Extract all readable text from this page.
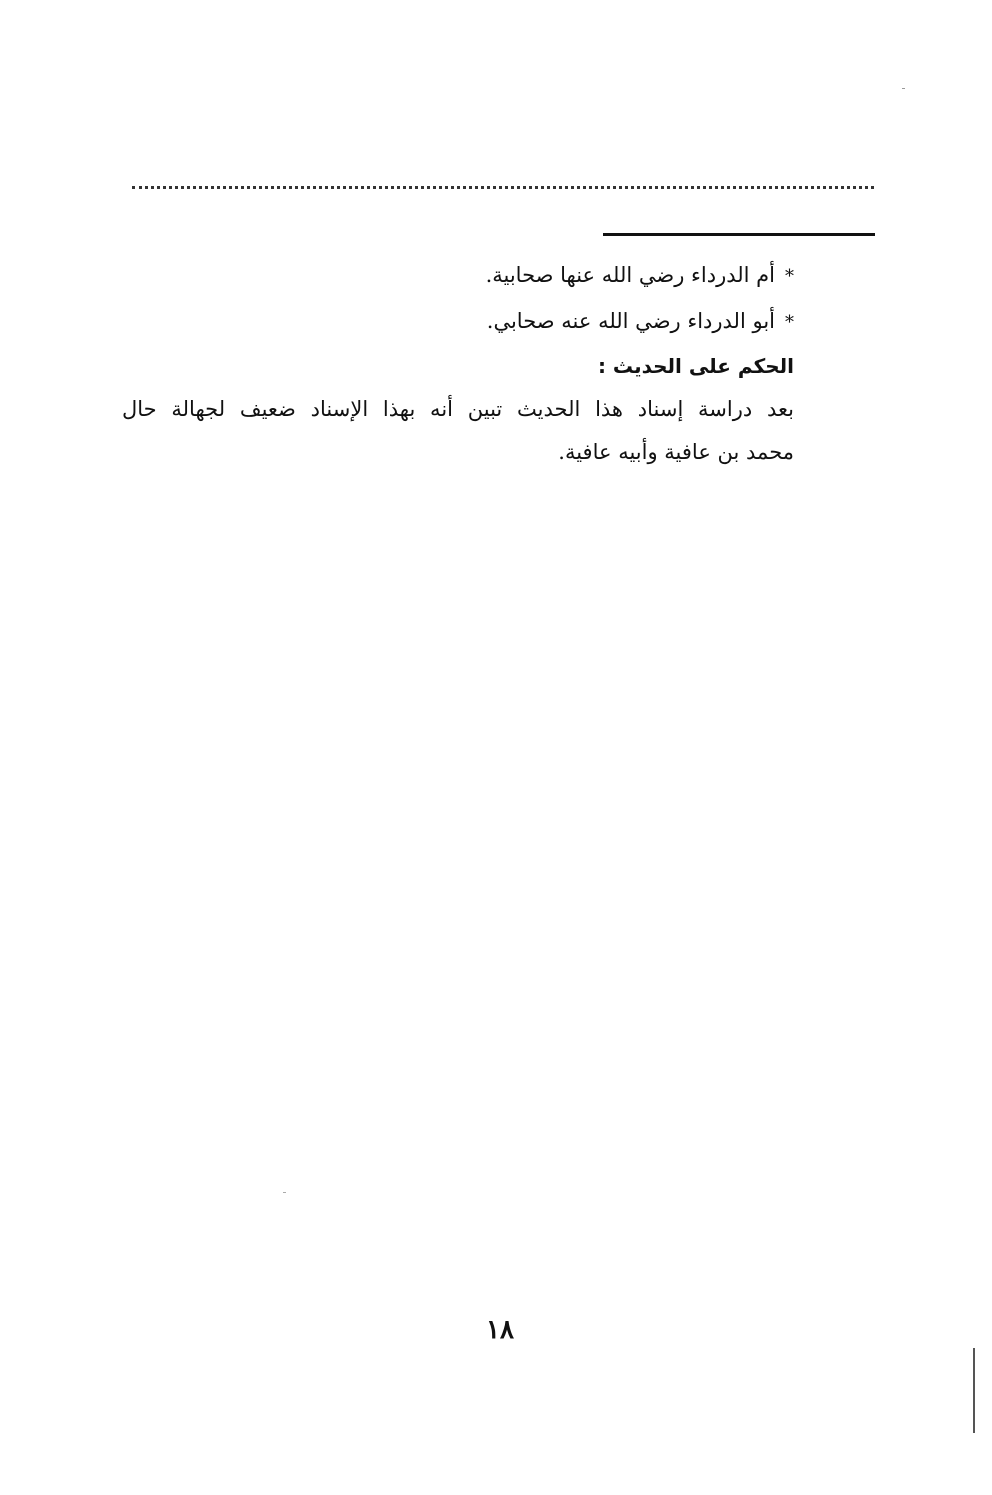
*أم الدرداء رضي الله عنها صحابية.
*أبو الدرداء رضي الله عنه صحابي.
الحكم على الحديث :
بعد دراسة إسناد هذا الحديث تبين أنه بهذا الإسناد ضعيف لجهالة حال
محمد بن عافية وأبيه عافية.
١٨
